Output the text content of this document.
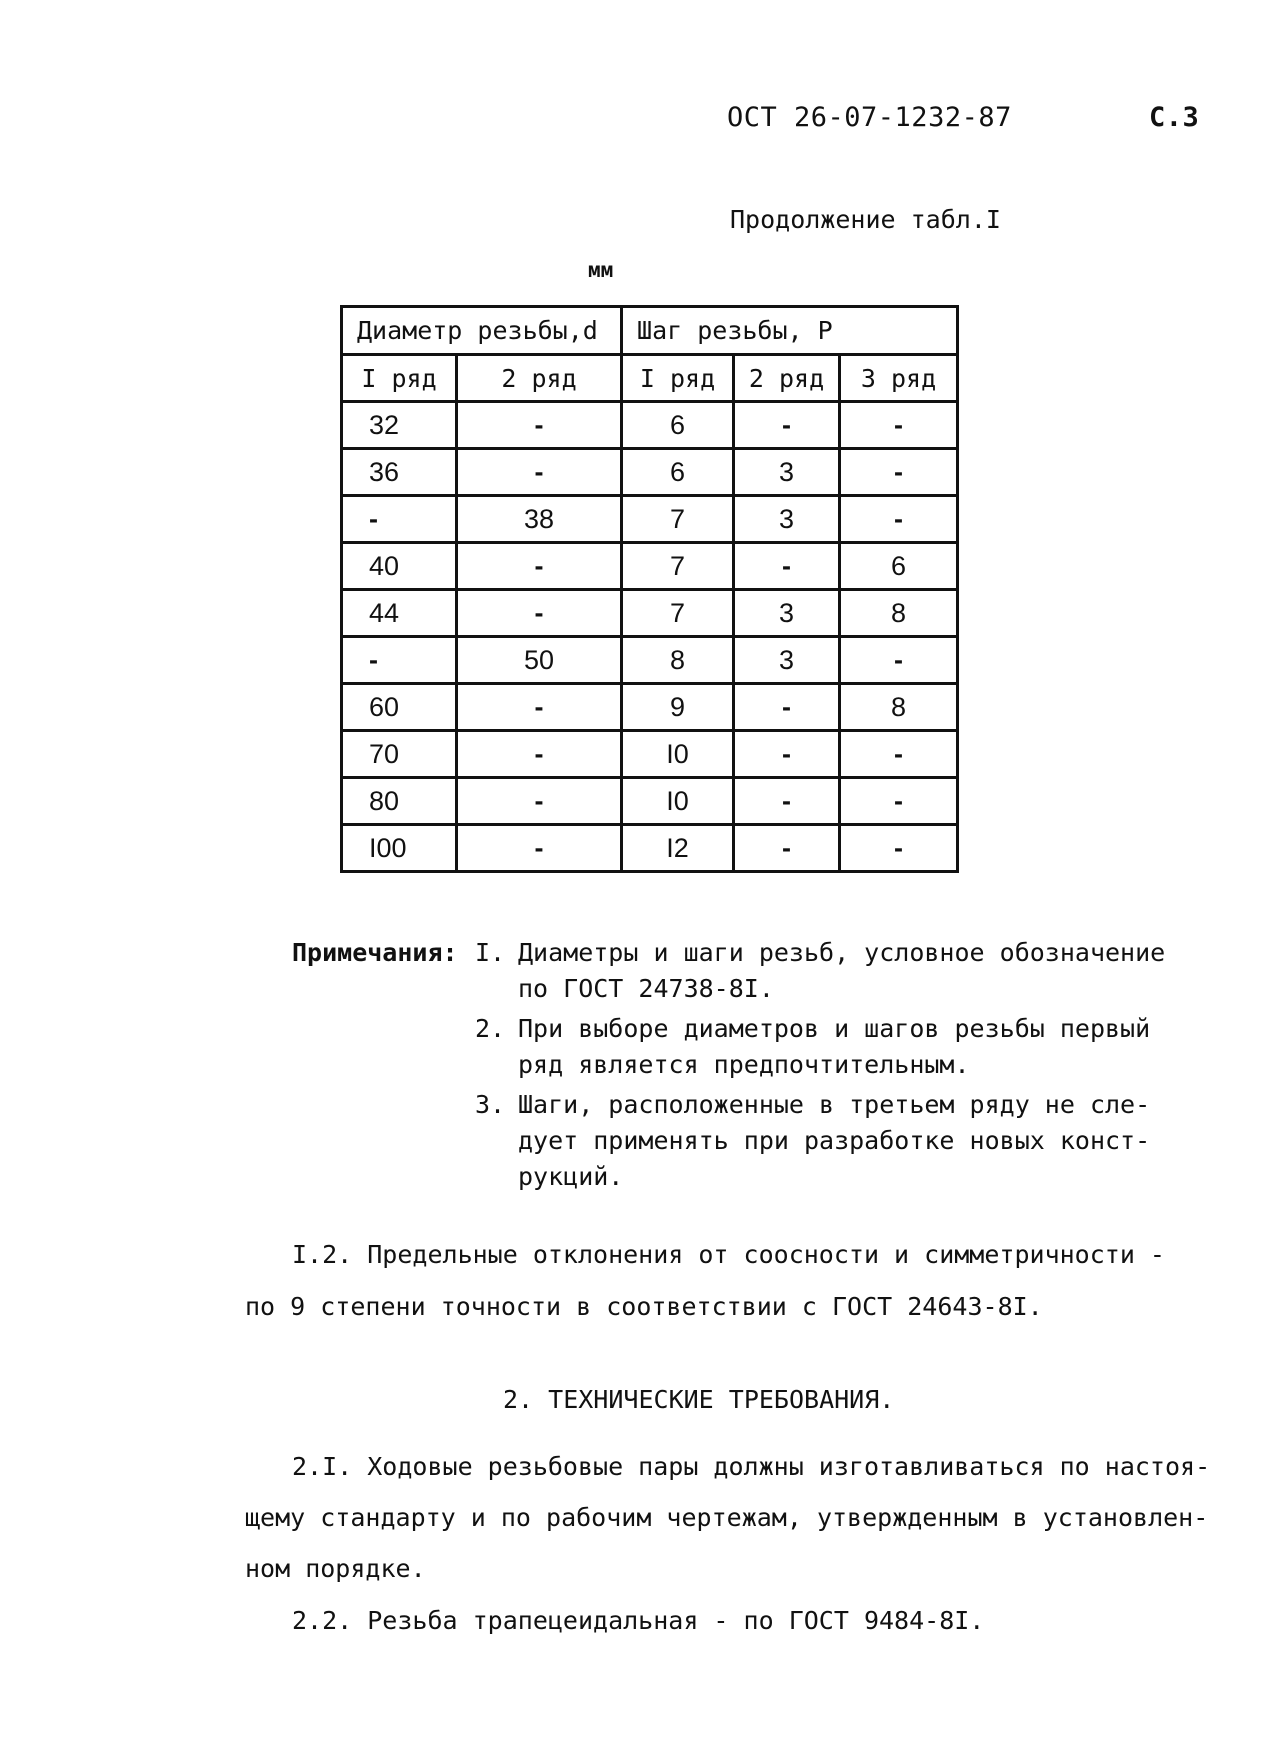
ОСТ 26-07-1232-87	С.3
Продолжение табл.I
мм
Диаметр резьбы,d		Шаг резьбы, Р		
I ряд	2 ряд	I ряд	2 ряд	3 ряд
32	-	6	-	-
36	-	6	3	-
-	38	7	3	-
40	-	7	-	6
44	-	7	3	8
-	50	8	3	-
60	-	9	-	8
70	-	I0	-	-
80	-	I0	-	-
I00	-	I2	-	-
Примечания: I. Диаметры и шаги резьб, условное обозначение
по ГОСТ 24738-8I.
2. При выборе диаметров и шагов резьбы первый
ряд является предпочтительным.
3. Шаги, расположенные в третьем ряду не сле-
дует применять при разработке новых конст-
рукций.
I.2. Предельные отклонения от соосности и симметричности -
по 9 степени точности в соответствии с ГОСТ 24643-8I.
2. ТЕХНИЧЕСКИЕ ТРЕБОВАНИЯ.
2.I. Ходовые резьбовые пары должны изготавливаться по настоя-
щему стандарту и по рабочим чертежам, утвержденным в установлен-
ном порядке.
2.2. Резьба трапецеидальная - по ГОСТ 9484-8I.
